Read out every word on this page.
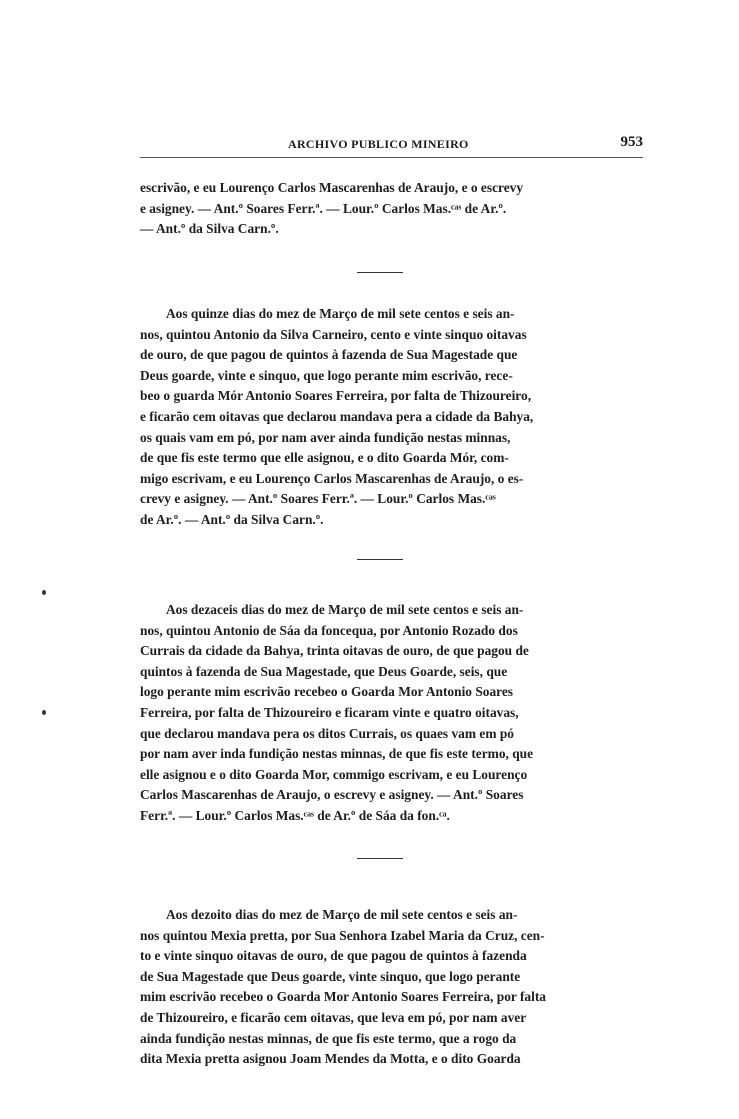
ARCHIVO PUBLICO MINEIRO	953
escrivão, e eu Lourenço Carlos Mascarenhas de Araujo, e o escrevy
e asigney. — Ant.º Soares Ferr.ª. — Lour.º Carlos Mas.ᶜᵃˢ de Ar.º.
— Ant.º da Silva Carn.º.
Aos quinze dias do mez de Março de mil sete centos e seis an-
nos, quintou Antonio da Silva Carneiro, cento e vinte sinquo oitavas
de ouro, de que pagou de quintos à fazenda de Sua Magestade que
Deus goarde, vinte e sinquo, que logo perante mim escrivão, rece-
beo o guarda Mór Antonio Soares Ferreira, por falta de Thizoureiro,
e ficarão cem oitavas que declarou mandava pera a cidade da Bahya,
os quais vam em pó, por nam aver ainda fundição nestas minnas,
de que fis este termo que elle asignou, e o dito Goarda Mór, com-
migo escrivam, e eu Lourenço Carlos Mascarenhas de Araujo, o es-
crevy e asigney. — Ant.º Soares Ferr.ª. — Lour.º Carlos Mas.ᶜᵃˢ
de Ar.º. — Ant.º da Silva Carn.º.
Aos dezaceis dias do mez de Março de mil sete centos e seis an-
nos, quintou Antonio de Sáa da foncequa, por Antonio Rozado dos
Currais da cidade da Bahya, trinta oitavas de ouro, de que pagou de
quintos à fazenda de Sua Magestade, que Deus Goarde, seis, que
logo perante mim escrivão recebeo o Goarda Mor Antonio Soares
Ferreira, por falta de Thizoureiro e ficaram vinte e quatro oitavas,
que declarou mandava pera os ditos Currais, os quaes vam em pó
por nam aver inda fundição nestas minnas, de que fis este termo, que
elle asignou e o dito Goarda Mor, commigo escrivam, e eu Lourenço
Carlos Mascarenhas de Araujo, o escrevy e asigney. — Ant.º Soares
Ferr.ª. — Lour.º Carlos Mas.ᶜᵃˢ de Ar.º de Sáa da fon.ᶜᵃ.
Aos dezoito dias do mez de Março de mil sete centos e seis an-
nos quintou Mexia pretta, por Sua Senhora Izabel Maria da Cruz, cen-
to e vinte sinquo oitavas de ouro, de que pagou de quintos à fazenda
de Sua Magestade que Deus goarde, vinte sinquo, que logo perante
mim escrivão recebeo o Goarda Mor Antonio Soares Ferreira, por falta
de Thizoureiro, e ficarão cem oitavas, que leva em pó, por nam aver
ainda fundição nestas minnas, de que fis este termo, que a rogo da
dita Mexia pretta asignou Joam Mendes da Motta, e o dito Goarda
